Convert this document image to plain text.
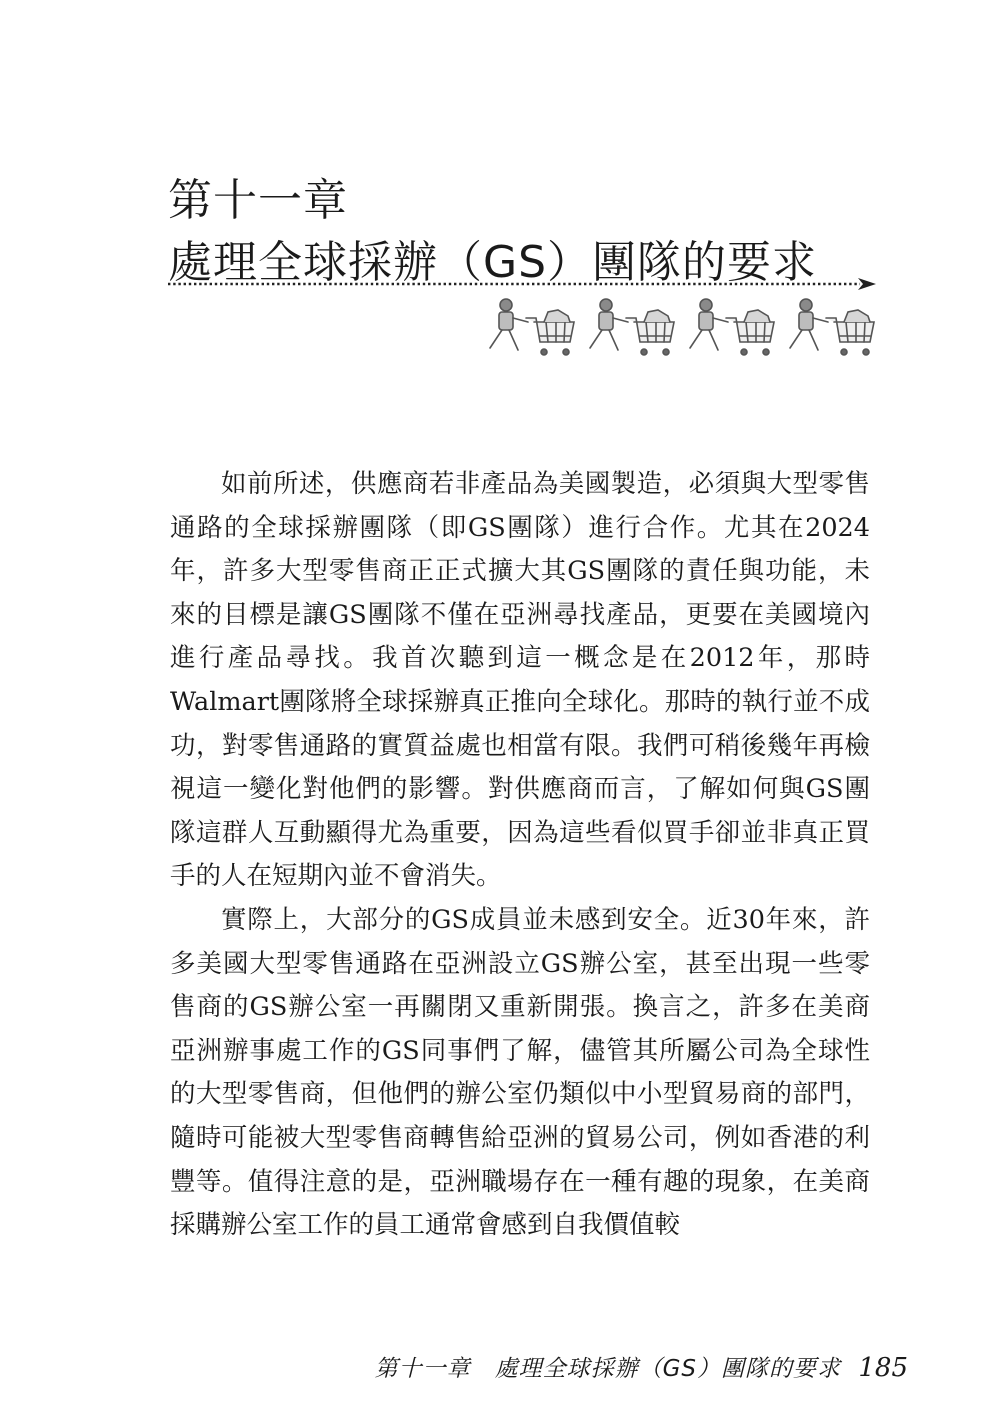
第十一章
處理全球採辦（GS）團隊的要求

如前所述，供應商若非產品為美國製造，必須與大型零售通路的全球採辦團隊（即GS團隊）進行合作。尤其在2024年，許多大型零售商正正式擴大其GS團隊的責任與功能，未來的目標是讓GS團隊不僅在亞洲尋找產品，更要在美國境內進行產品尋找。我首次聽到這一概念是在2012年，那時Walmart團隊將全球採辦真正推向全球化。那時的執行並不成功，對零售通路的實質益處也相當有限。我們可稍後幾年再檢視這一變化對他們的影響。對供應商而言，了解如何與GS團隊這群人互動顯得尤為重要，因為這些看似買手卻並非真正買手的人在短期內並不會消失。

實際上，大部分的GS成員並未感到安全。近30年來，許多美國大型零售通路在亞洲設立GS辦公室，甚至出現一些零售商的GS辦公室一再關閉又重新開張。換言之，許多在美商亞洲辦事處工作的GS同事們了解，儘管其所屬公司為全球性的大型零售商，但他們的辦公室仍類似中小型貿易商的部門，隨時可能被大型零售商轉售給亞洲的貿易公司，例如香港的利豐等。值得注意的是，亞洲職場存在一種有趣的現象，在美商採購辦公室工作的員工通常會感到自我價值較

第十一章　處理全球採辦（GS）團隊的要求 185
